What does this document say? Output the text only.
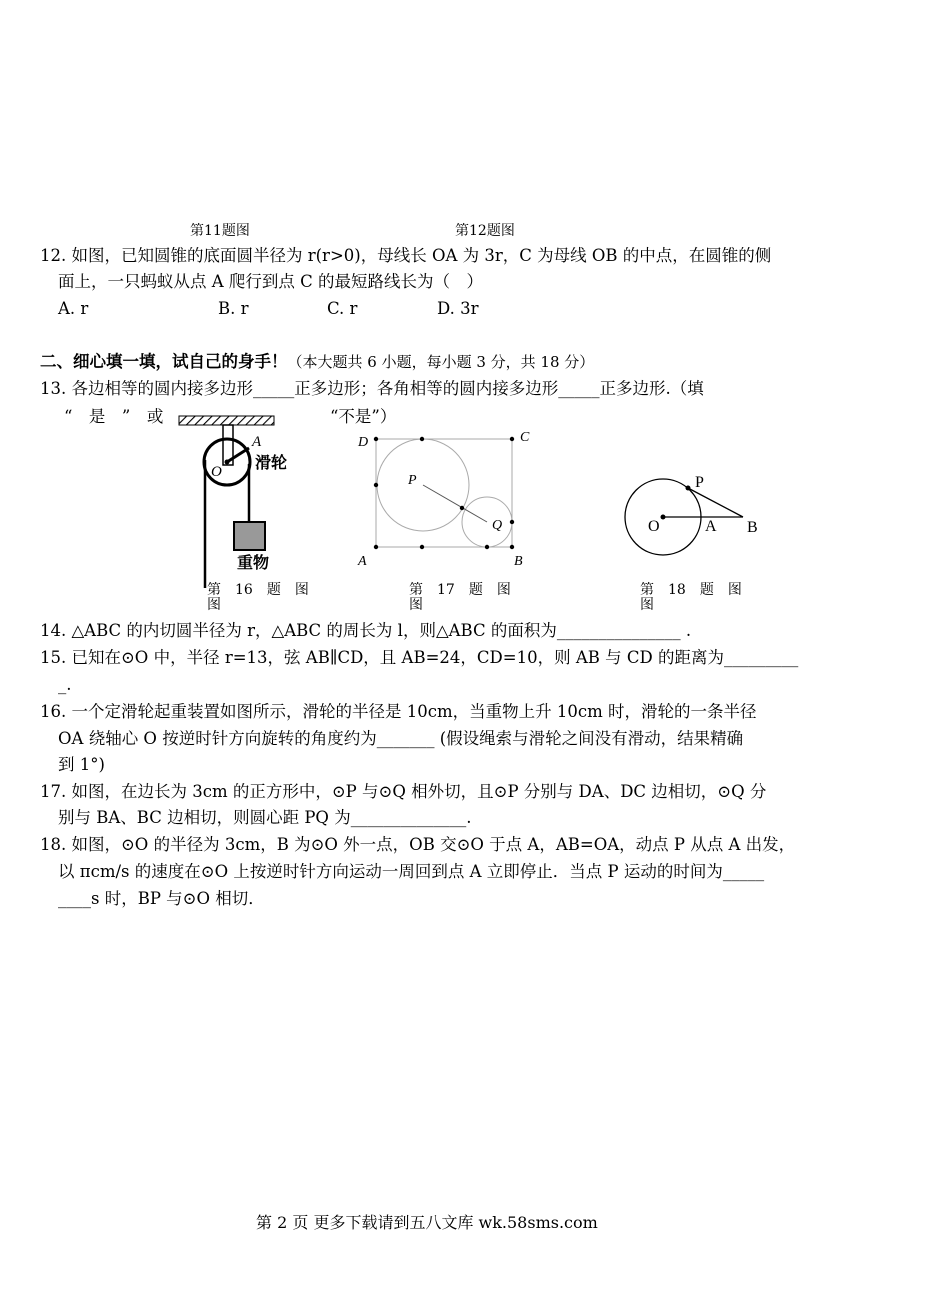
第11题图	第12题图
12. 如图，已知圆锥的底面圆半径为 r(r>0)，母线长 OA 为 3r，C 为母线 OB 的中点，在圆锥的侧
面上，一只蚂蚁从点 A 爬行到点 C 的最短路线长为（　）
A. r	B. r	C. r	D. 3r
二、细心填一填，试自己的身手！（本大题共 6 小题，每小题 3 分，共 18 分）
13. 各边相等的圆内接多边形_____正多边形；各角相等的圆内接多边形_____正多边形.（填
“　是　”　或	“不是”）
A
O 滑轮
重物
第　16　题　图
图
D	C
A	B
P
Q
第　17　题　图
图
P
O	A B
第　18　题　图
图
14. △ABC 的内切圆半径为 r，△ABC 的周长为 l，则△ABC 的面积为_______________ .
15. 已知在⊙O 中，半径 r=13，弦 AB∥CD，且 AB=24，CD=10，则 AB 与 CD 的距离为_________
_.
16. 一个定滑轮起重装置如图所示，滑轮的半径是 10cm，当重物上升 10cm 时，滑轮的一条半径
OA 绕轴心 O 按逆时针方向旋转的角度约为_______ (假设绳索与滑轮之间没有滑动，结果精确
到 1°)
17. 如图，在边长为 3cm 的正方形中，⊙P 与⊙Q 相外切，且⊙P 分别与 DA、DC 边相切，⊙Q 分
别与 BA、BC 边相切，则圆心距 PQ 为______________.
18. 如图，⊙O 的半径为 3cm，B 为⊙O 外一点，OB 交⊙O 于点 A，AB=OA，动点 P 从点 A 出发，
以 πcm/s 的速度在⊙O 上按逆时针方向运动一周回到点 A 立即停止．当点 P 运动的时间为_____
____s 时，BP 与⊙O 相切．
第 2 页 更多下载请到五八文库 wk.58sms.com
